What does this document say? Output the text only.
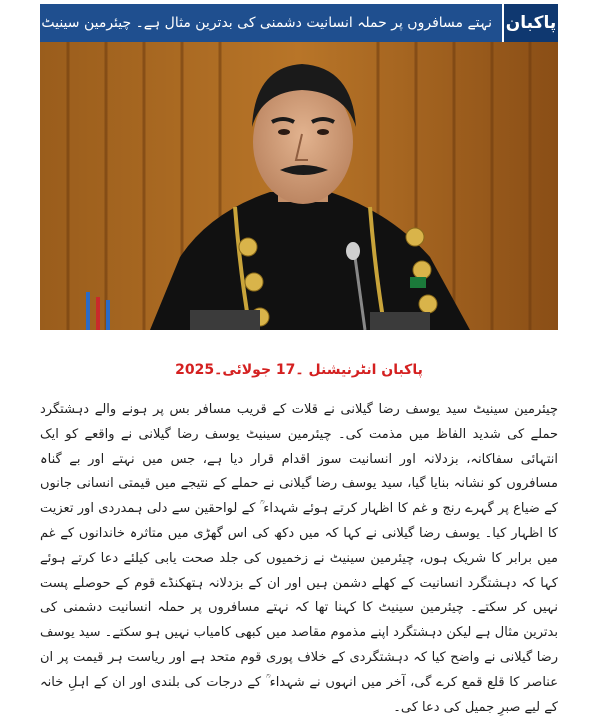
پاکبان
نہتے مسافروں پر حملہ انسانیت دشمنی کی بدترین مثال ہے۔ چیئرمین سینیٹ
پاکبان انٹرنیشنل ۔17 جولائی۔2025
چیئرمین سینیٹ سید یوسف رضا گیلانی نے قلات کے قریب مسافر بس پر ہونے والے دہشتگرد حملے کی شدید الفاظ میں مذمت کی۔ چیئرمین سینیٹ یوسف رضا گیلانی نے واقعے کو ایک انتہائی سفاکانہ، بزدلانہ اور انسانیت سوز اقدام قرار دیا ہے، جس میں نہتے اور بے گناہ مسافروں کو نشانہ بنایا گیا، سید یوسف رضا گیلانی نے حملے کے نتیجے میں قیمتی انسانی جانوں کے ضیاع پر گہرے رنج و غم کا اظہار کرتے ہوئے شہداء ؒ کے لواحقین سے دلی ہمدردی اور تعزیت کا اظہار کیا۔ یوسف رضا گیلانی نے کہا کہ میں دکھ کی اس گھڑی میں متاثرہ خاندانوں کے غم میں برابر کا شریک ہوں، چیئرمین سینیٹ نے زخمیوں کی جلد صحت یابی کیلئے دعا کرتے ہوئے کہا کہ دہشتگرد انسانیت کے کھلے دشمن ہیں اور ان کے بزدلانہ ہتھکنڈے قوم کے حوصلے پست نہیں کر سکتے۔ چیئرمین سینیٹ کا کہنا تھا کہ نہتے مسافروں پر حملہ انسانیت دشمنی کی بدترین مثال ہے لیکن دہشتگرد اپنے مذموم مقاصد میں کبھی کامیاب نہیں ہو سکتے۔ سید یوسف رضا گیلانی نے واضح کیا کہ دہشتگردی کے خلاف پوری قوم متحد ہے اور ریاست ہر قیمت پر ان عناصر کا قلع قمع کرے گی، آخر میں انہوں نے شہداء ؒ کے درجات کی بلندی اور ان کے اہلِ خانہ کے لیے صبرِ جمیل کی دعا کی۔
